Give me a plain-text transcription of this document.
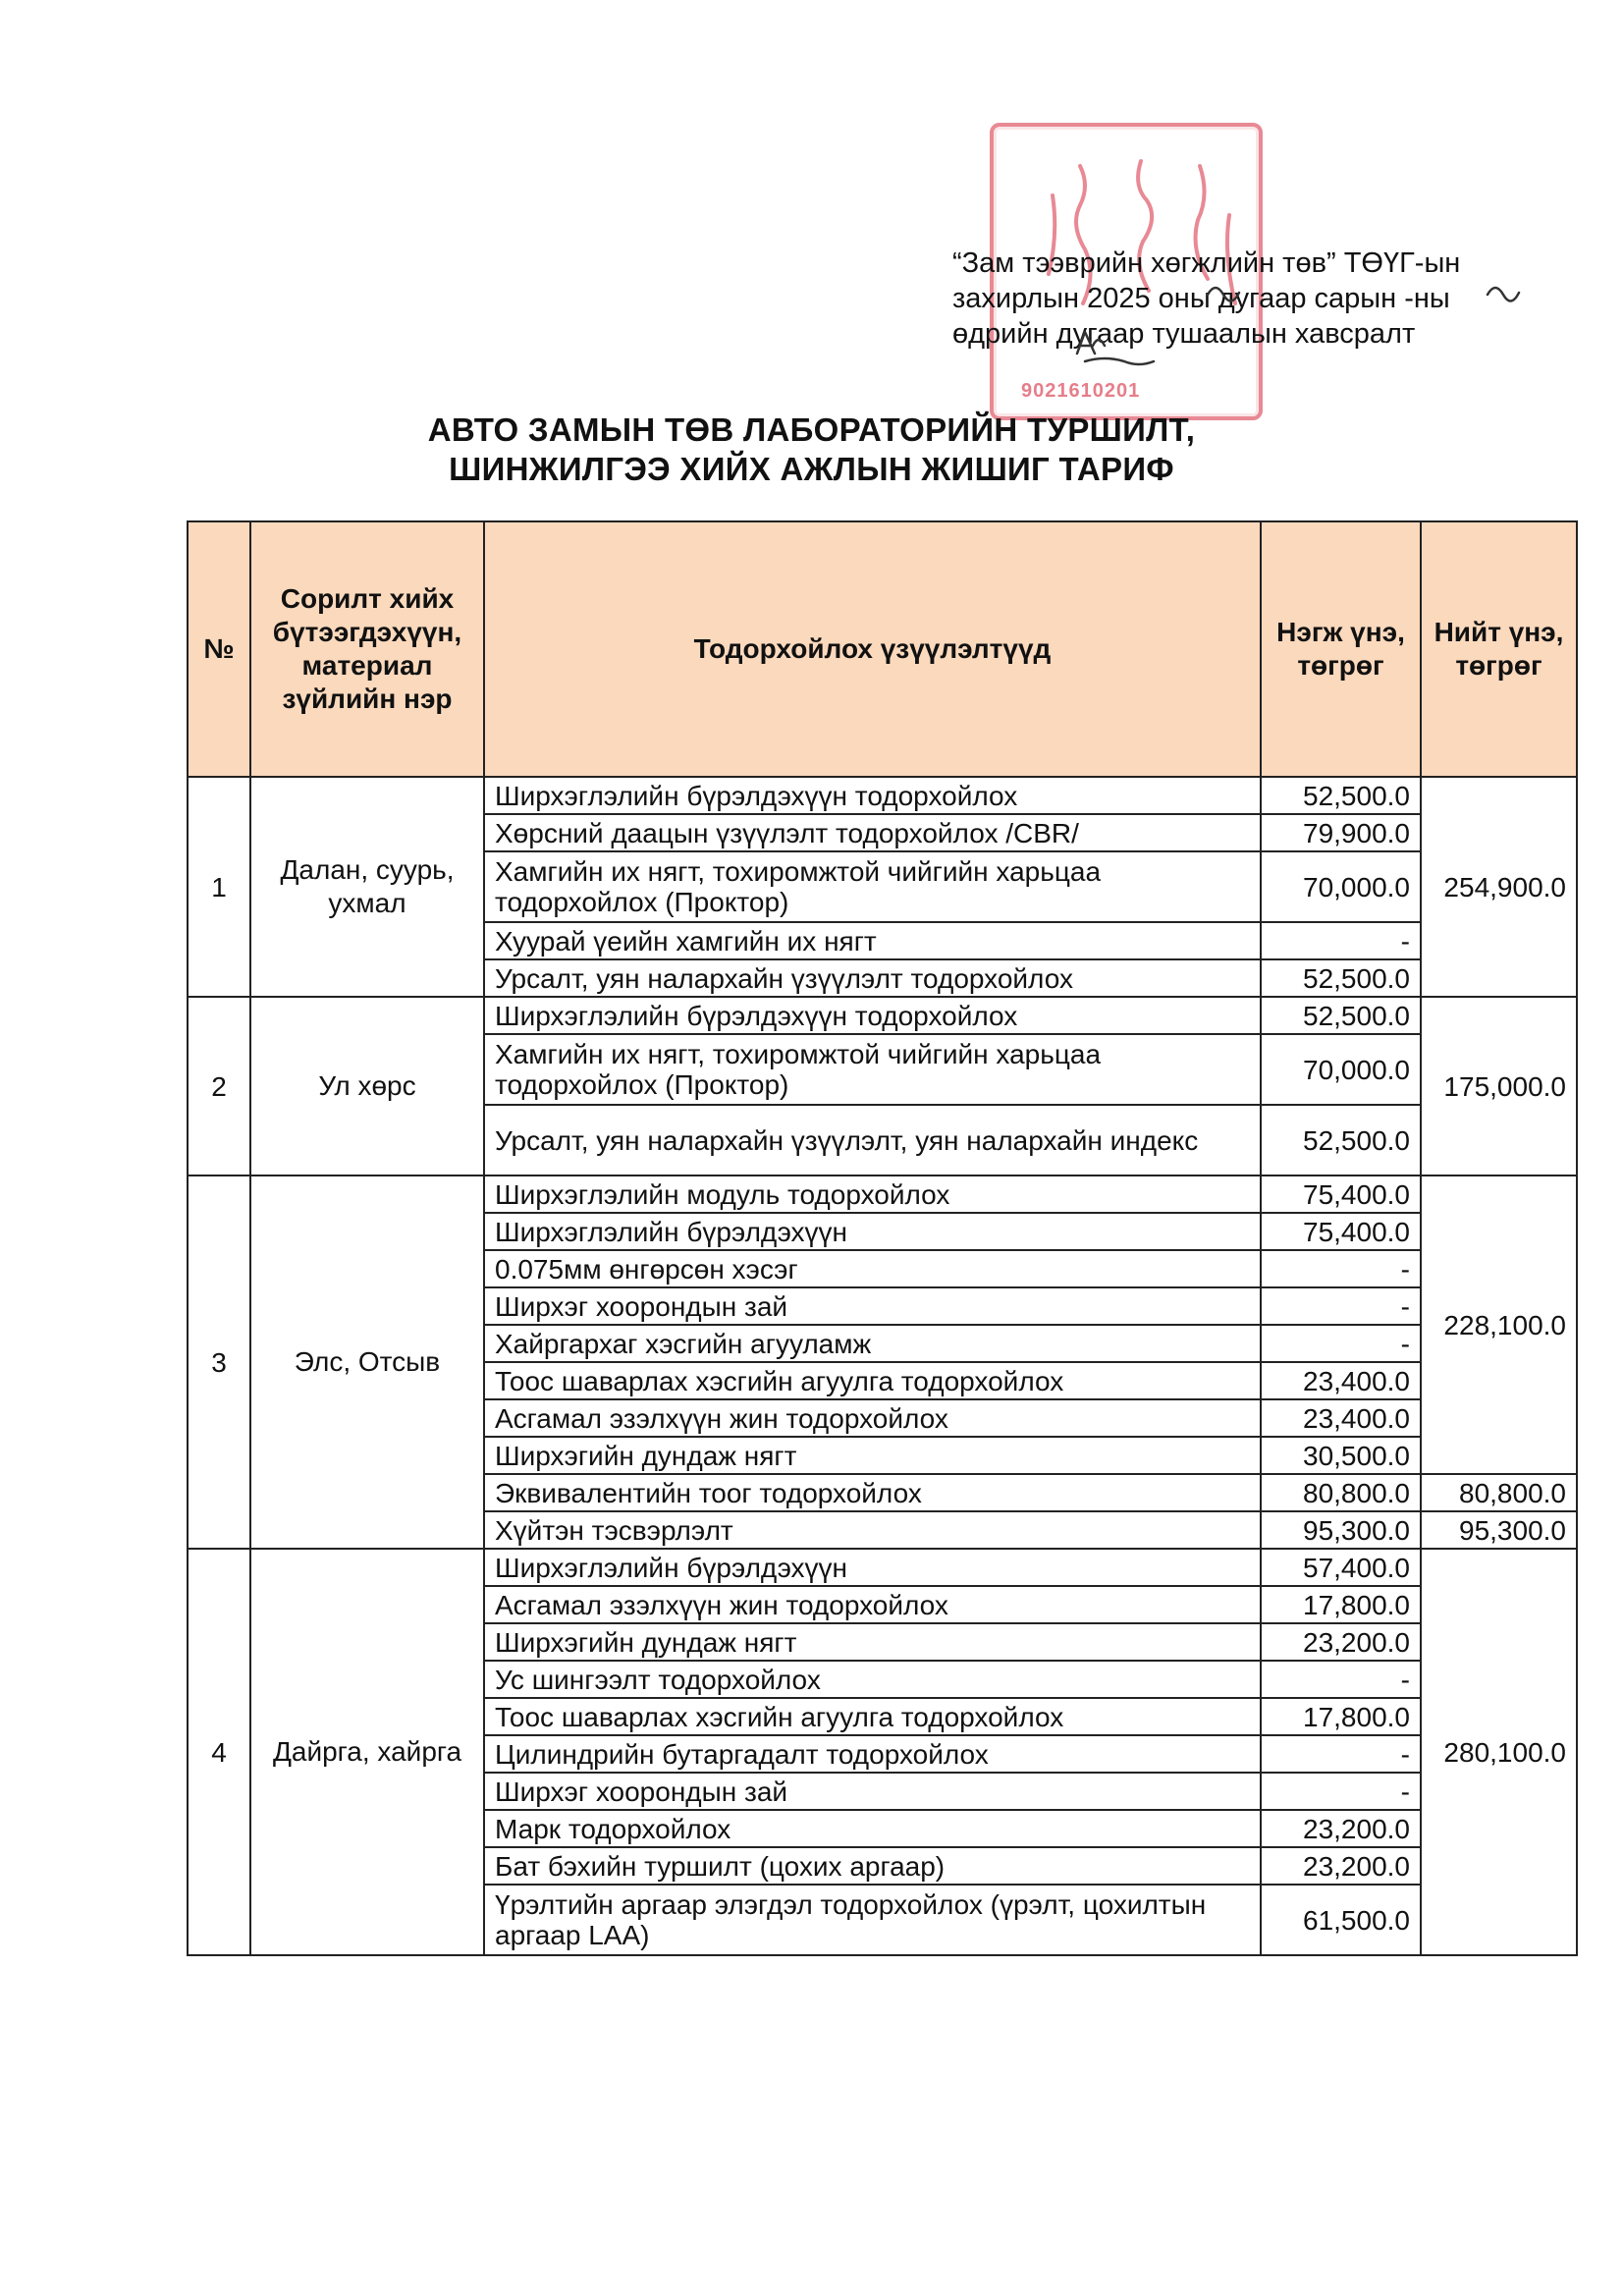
9021610201
“Зам тээврийн хөгжлийн төв” ТӨҮГ-ын
захирлын 2025 оны дугаар сарын -ны
өдрийн дугаар тушаалын хавсралт
АВТО ЗАМЫН ТӨВ ЛАБОРАТОРИЙН ТУРШИЛТ,
ШИНЖИЛГЭЭ ХИЙХ АЖЛЫН ЖИШИГ ТАРИФ
№	Сорилт хийх бүтээгдэхүүн, материал зүйлийн нэр	Тодорхойлох үзүүлэлтүүд	Нэгж үнэ, төгрөг	Нийт үнэ, төгрөг
1	Далан, суурь, ухмал	Ширхэглэлийн бүрэлдэхүүн тодорхойлох	52,500.0	254,900.0
		Хөрсний даацын үзүүлэлт тодорхойлох /CBR/	79,900.0	
		Хамгийн их нягт, тохиромжтой чийгийн харьцаа тодорхойлох (Проктор)	70,000.0	
		Хуурай үеийн хамгийн их нягт	-	
		Урсалт, уян налархайн үзүүлэлт тодорхойлох	52,500.0	
2	Ул хөрс	Ширхэглэлийн бүрэлдэхүүн тодорхойлох	52,500.0	175,000.0
		Хамгийн их нягт, тохиромжтой чийгийн харьцаа тодорхойлох (Проктор)	70,000.0	
		Урсалт, уян налархайн үзүүлэлт, уян налархайн индекс	52,500.0	
3	Элс, Отсыв	Ширхэглэлийн модуль тодорхойлох	75,400.0	228,100.0
		Ширхэглэлийн бүрэлдэхүүн	75,400.0	
		0.075мм өнгөрсөн хэсэг	-	
		Ширхэг хоорондын зай	-	
		Хайргархаг хэсгийн агууламж	-	
		Тоос шаварлах хэсгийн агуулга тодорхойлох	23,400.0	
		Асгамал эзэлхүүн жин тодорхойлох	23,400.0	
		Ширхэгийн дундаж нягт	30,500.0	
		Эквивалентийн тоог тодорхойлох	80,800.0	80,800.0
		Хүйтэн тэсвэрлэлт	95,300.0	95,300.0
4	Дайрга, хайрга	Ширхэглэлийн бүрэлдэхүүн	57,400.0	280,100.0
		Асгамал эзэлхүүн жин тодорхойлох	17,800.0	
		Ширхэгийн дундаж нягт	23,200.0	
		Ус шингээлт тодорхойлох	-	
		Тоос шаварлах хэсгийн агуулга тодорхойлох	17,800.0	
		Цилиндрийн бутаргадалт тодорхойлох	-	
		Ширхэг хоорондын зай	-	
		Марк тодорхойлох	23,200.0	
		Бат бэхийн туршилт (цохих аргаар)	23,200.0	
		Үрэлтийн аргаар элэгдэл тодорхойлох (үрэлт, цохилтын аргаар LAA)	61,500.0	
